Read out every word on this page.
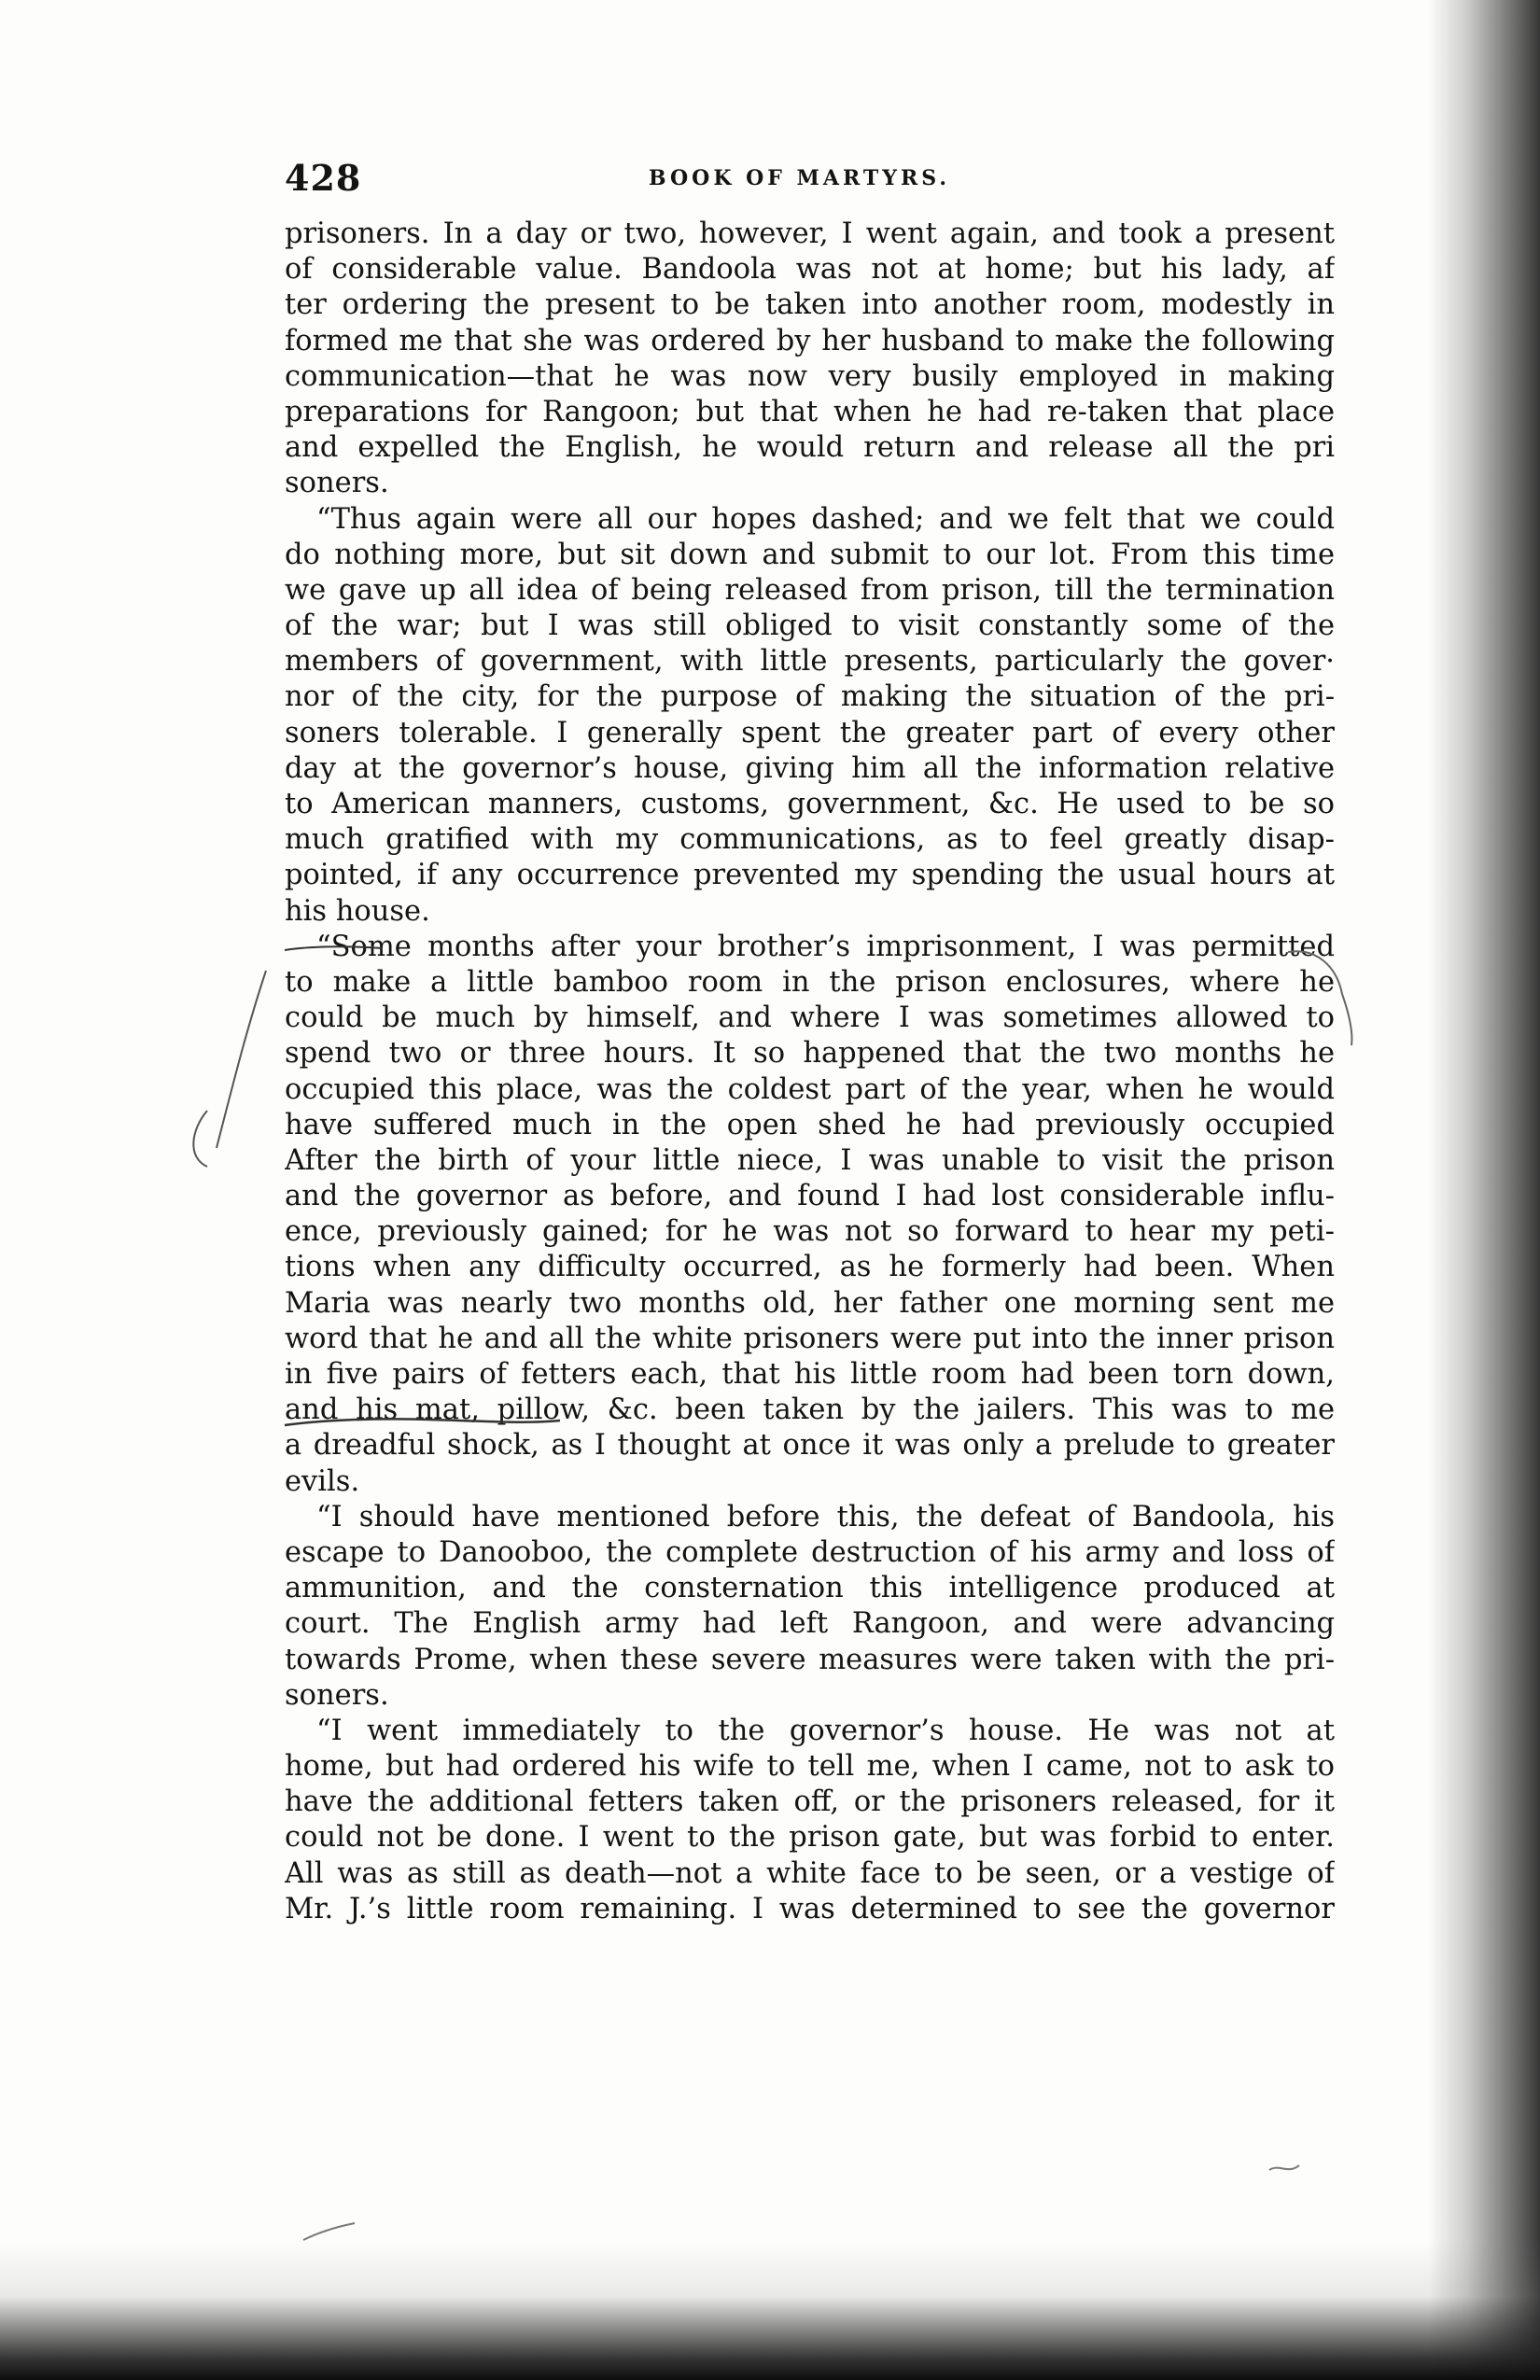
428	BOOK OF MARTYRS.
prisoners. In a day or two, however, I went again, and took a present
of considerable value. Bandoola was not at home; but his lady, af
ter ordering the present to be taken into another room, modestly in
formed me that she was ordered by her husband to make the following
communication—that he was now very busily employed in making
preparations for Rangoon; but that when he had re-taken that place
and expelled the English, he would return and release all the pri
soners.
“Thus again were all our hopes dashed; and we felt that we could
do nothing more, but sit down and submit to our lot. From this time
we gave up all idea of being released from prison, till the termination
of the war; but I was still obliged to visit constantly some of the
members of government, with little presents, particularly the gover·
nor of the city, for the purpose of making the situation of the pri-
soners tolerable. I generally spent the greater part of every other
day at the governor’s house, giving him all the information relative
to American manners, customs, government, &c. He used to be so
much gratified with my communications, as to feel greatly disap-
pointed, if any occurrence prevented my spending the usual hours at
his house.
“Some months after your brother’s imprisonment, I was permitted
to make a little bamboo room in the prison enclosures, where he
could be much by himself, and where I was sometimes allowed to
spend two or three hours. It so happened that the two months he
occupied this place, was the coldest part of the year, when he would
have suffered much in the open shed he had previously occupied
After the birth of your little niece, I was unable to visit the prison
and the governor as before, and found I had lost considerable influ-
ence, previously gained; for he was not so forward to hear my peti-
tions when any difficulty occurred, as he formerly had been. When
Maria was nearly two months old, her father one morning sent me
word that he and all the white prisoners were put into the inner prison
in five pairs of fetters each, that his little room had been torn down,
and his mat, pillow, &c. been taken by the jailers. This was to me
a dreadful shock, as I thought at once it was only a prelude to greater
evils.
“I should have mentioned before this, the defeat of Bandoola, his
escape to Danooboo, the complete destruction of his army and loss of
ammunition, and the consternation this intelligence produced at
court. The English army had left Rangoon, and were advancing
towards Prome, when these severe measures were taken with the pri-
soners.
“I went immediately to the governor’s house. He was not at
home, but had ordered his wife to tell me, when I came, not to ask to
have the additional fetters taken off, or the prisoners released, for it
could not be done. I went to the prison gate, but was forbid to enter.
All was as still as death—not a white face to be seen, or a vestige of
Mr. J.’s little room remaining. I was determined to see the governor
